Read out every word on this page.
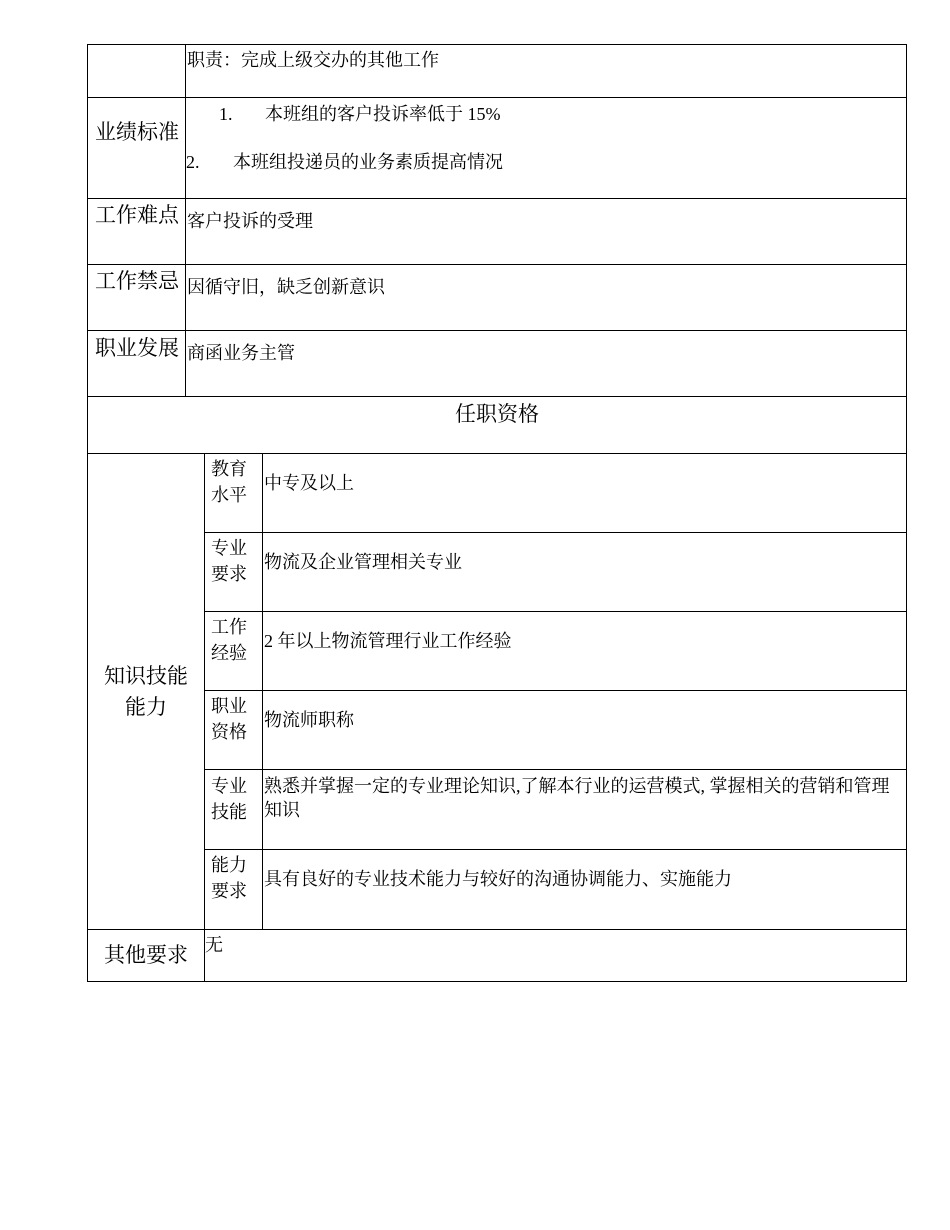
职责：完成上级交办的其他工作
业绩标准
1. 本班组的客户投诉率低于 15%
2. 本班组投递员的业务素质提高情况
工作难点 客户投诉的受理
工作禁忌 因循守旧，缺乏创新意识
职业发展 商函业务主管
任职资格
知识技能能力
教育水平
中专及以上
专业要求
物流及企业管理相关专业
工作经验
2 年以上物流管理行业工作经验
职业资格
物流师职称
专业技能
熟悉并掌握一定的专业理论知识,了解本行业的运营模式, 掌握相关的营销和管理知识
能力要求
具有良好的专业技术能力与较好的沟通协调能力、实施能力
其他要求 无
